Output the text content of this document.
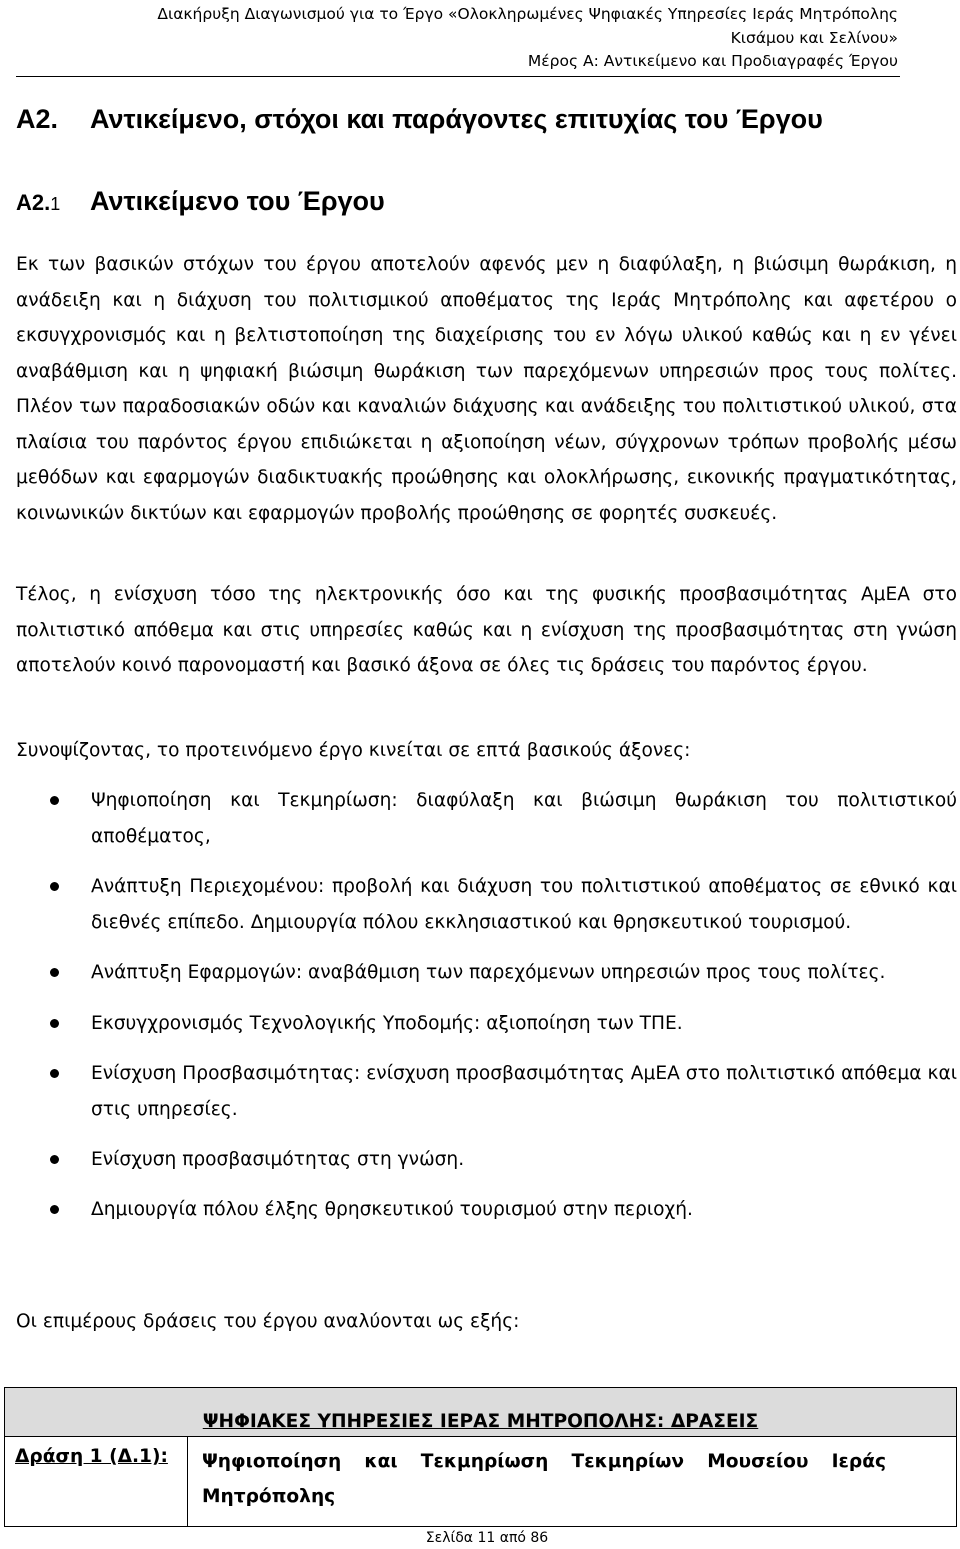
Διακήρυξη Διαγωνισμού για το Έργο «Ολοκληρωμένες Ψηφιακές Υπηρεσίες Ιεράς Μητρόπολης
Κισάμου και Σελίνου»
Μέρος Α: Αντικείμενο και Προδιαγραφές Έργου
Α2. Αντικείμενο, στόχοι και παράγοντες επιτυχίας του Έργου
Α2.1 Αντικείμενο του Έργου
Εκ των βασικών στόχων του έργου αποτελούν αφενός μεν η διαφύλαξη, η βιώσιμη θωράκιση, η ανάδειξη και η διάχυση του πολιτισμικού αποθέματος της Ιεράς Μητρόπολης και αφετέρου ο εκσυγχρονισμός και η βελτιστοποίηση της διαχείρισης του εν λόγω υλικού καθώς και η εν γένει αναβάθμιση και η ψηφιακή βιώσιμη θωράκιση των παρεχόμενων υπηρεσιών προς τους πολίτες. Πλέον των παραδοσιακών οδών και καναλιών διάχυσης και ανάδειξης του πολιτιστικού υλικού, στα πλαίσια του παρόντος έργου επιδιώκεται η αξιοποίηση νέων, σύγχρονων τρόπων προβολής μέσω μεθόδων και εφαρμογών διαδικτυακής προώθησης και ολοκλήρωσης, εικονικής πραγματικότητας, κοινωνικών δικτύων και εφαρμογών προβολής προώθησης σε φορητές συσκευές.
Τέλος, η ενίσχυση τόσο της ηλεκτρονικής όσο και της φυσικής προσβασιμότητας ΑμΕΑ στο πολιτιστικό απόθεμα και στις υπηρεσίες καθώς και η ενίσχυση της προσβασιμότητας στη γνώση αποτελούν κοινό παρονομαστή και βασικό άξονα σε όλες τις δράσεις του παρόντος έργου.
Συνοψίζοντας, το προτεινόμενο έργο κινείται σε επτά βασικούς άξονες:
Ψηφιοποίηση και Τεκμηρίωση: διαφύλαξη και βιώσιμη θωράκιση του πολιτιστικού αποθέματος,
Ανάπτυξη Περιεχομένου: προβολή και διάχυση του πολιτιστικού αποθέματος σε εθνικό και διεθνές επίπεδο. Δημιουργία πόλου εκκλησιαστικού και θρησκευτικού τουρισμού.
Ανάπτυξη Εφαρμογών: αναβάθμιση των παρεχόμενων υπηρεσιών προς τους πολίτες.
Εκσυγχρονισμός Τεχνολογικής Υποδομής: αξιοποίηση των ΤΠΕ.
Ενίσχυση Προσβασιμότητας: ενίσχυση προσβασιμότητας ΑμΕΑ στο πολιτιστικό απόθεμα και στις υπηρεσίες.
Ενίσχυση προσβασιμότητας στη γνώση.
Δημιουργία πόλου έλξης θρησκευτικού τουρισμού στην περιοχή.
Οι επιμέρους δράσεις του έργου αναλύονται ως εξής:
ΨΗΦΙΑΚΕΣ ΥΠΗΡΕΣΙΕΣ ΙΕΡΑΣ ΜΗΤΡΟΠΟΛΗΣ: ΔΡΑΣΕΙΣ
Δράση 1 (Δ.1):	Ψηφιοποίηση και Τεκμηρίωση Τεκμηρίων Μουσείου Ιεράς Μητρόπολης
Σελίδα 11 από 86
